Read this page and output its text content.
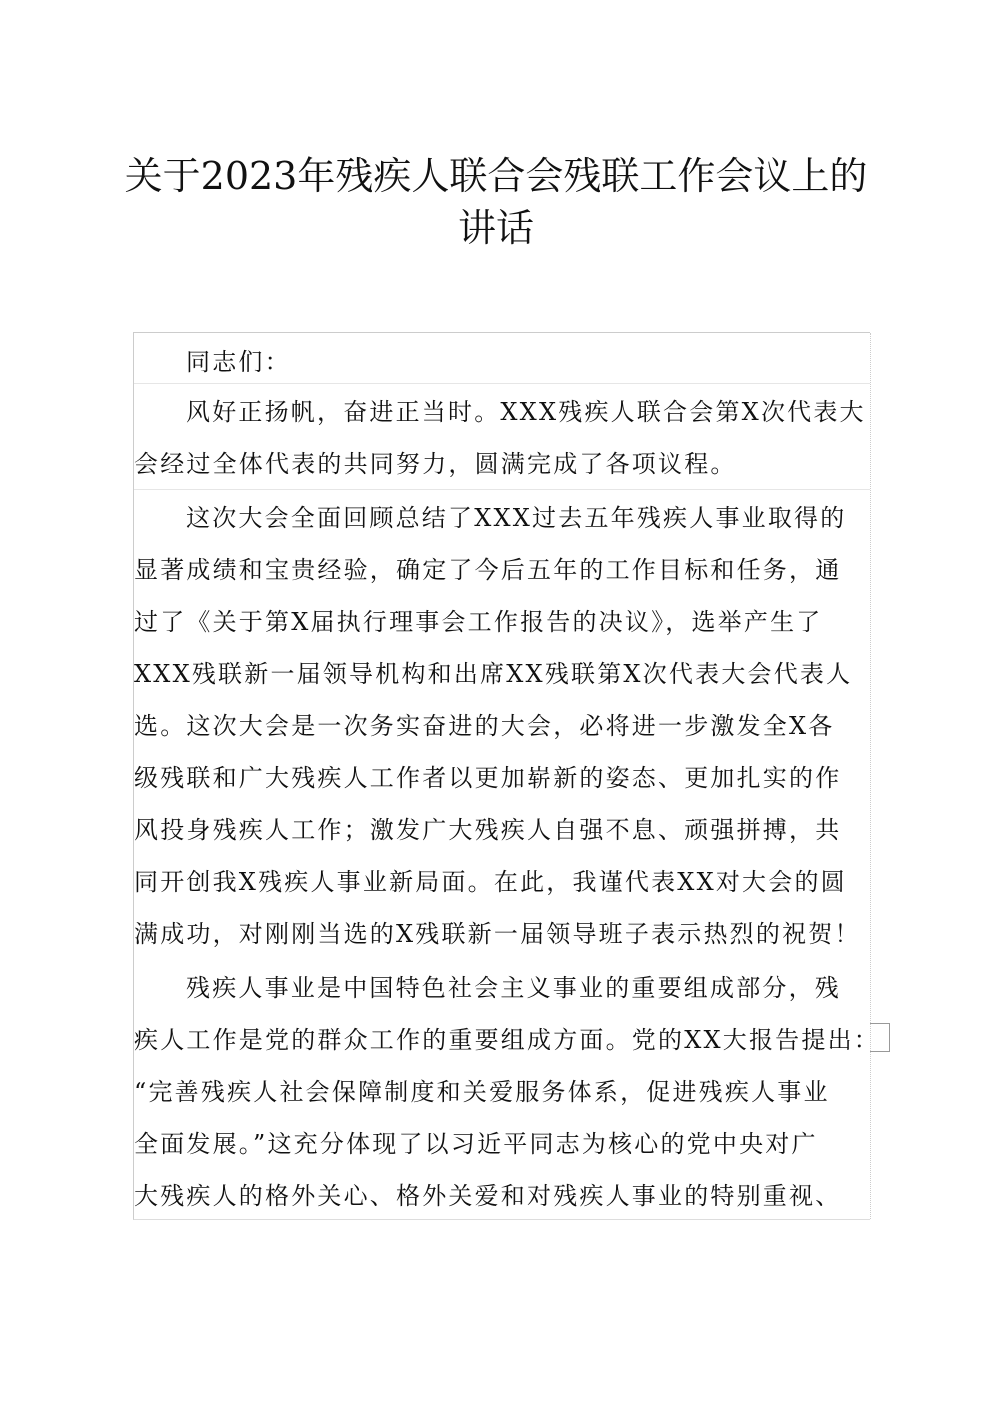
关于2023年残疾人联合会残联工作会议上的
讲话
同志们：
风好正扬帆，奋进正当时。XXX残疾人联合会第X次代表大
会经过全体代表的共同努力，圆满完成了各项议程。
这次大会全面回顾总结了XXX过去五年残疾人事业取得的
显著成绩和宝贵经验，确定了今后五年的工作目标和任务，通
过了《关于第X届执行理事会工作报告的决议》，选举产生了
XXX残联新一届领导机构和出席XX残联第X次代表大会代表人
选。这次大会是一次务实奋进的大会，必将进一步激发全X各
级残联和广大残疾人工作者以更加崭新的姿态、更加扎实的作
风投身残疾人工作；激发广大残疾人自强不息、顽强拼搏，共
同开创我X残疾人事业新局面。在此，我谨代表XX对大会的圆
满成功，对刚刚当选的X残联新一届领导班子表示热烈的祝贺！
残疾人事业是中国特色社会主义事业的重要组成部分，残
疾人工作是党的群众工作的重要组成方面。党的XX大报告提出：
“完善残疾人社会保障制度和关爱服务体系，促进残疾人事业
全面发展。”这充分体现了以习近平同志为核心的党中央对广
大残疾人的格外关心、格外关爱和对残疾人事业的特别重视、
